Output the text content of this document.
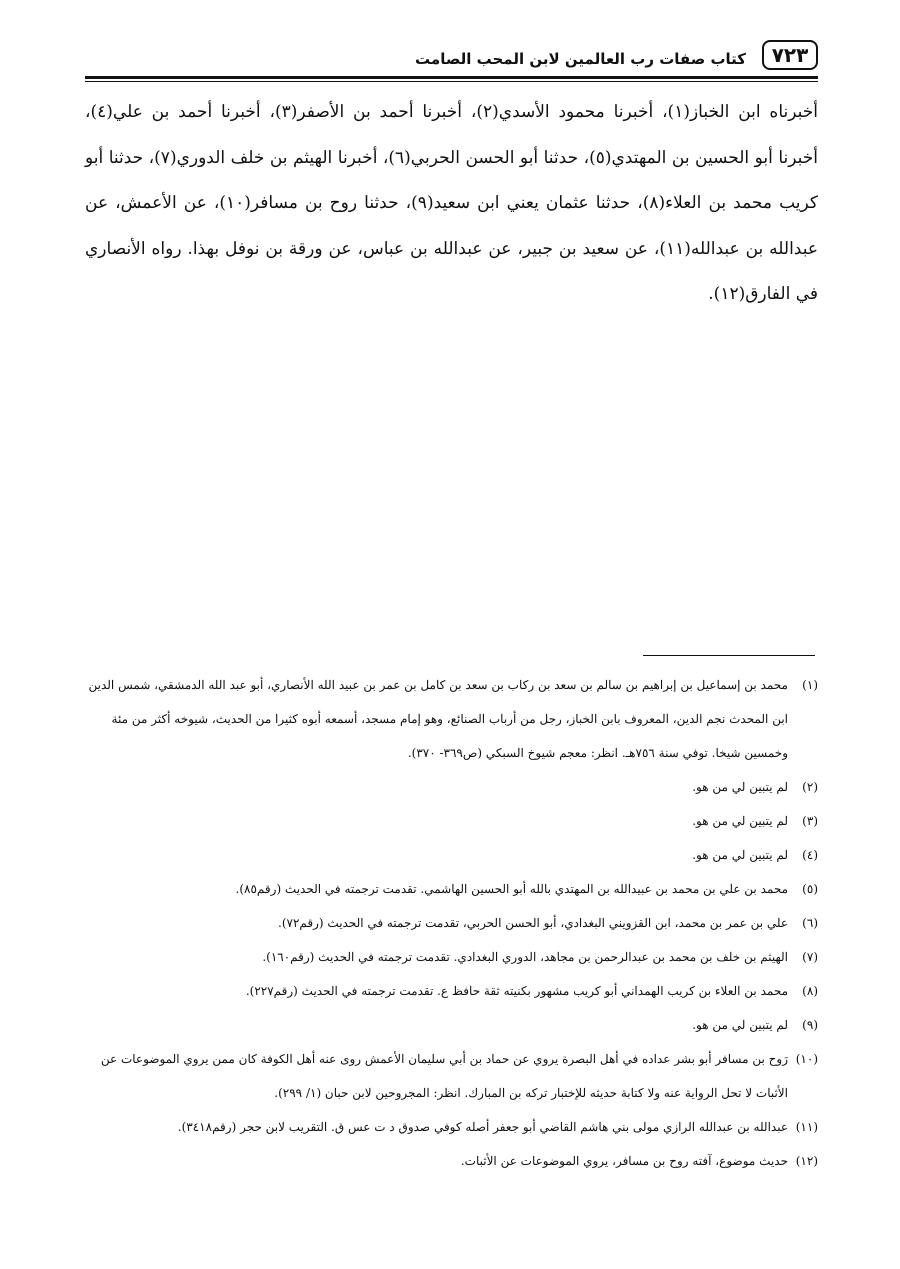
٧٢٣
كتاب صفات رب العالمين لابن المحب الصامت

أخبرناه ابن الخباز(١)، أخبرنا محمود الأسدي(٢)، أخبرنا أحمد بن الأصفر(٣)، أخبرنا أحمد بن علي(٤)، أخبرنا أبو الحسين بن المهتدي(٥)، حدثنا أبو الحسن الحربي(٦)، أخبرنا الهيثم بن خلف الدوري(٧)، حدثنا أبو كريب محمد بن العلاء(٨)، حدثنا عثمان يعني ابن سعيد(٩)، حدثنا روح بن مسافر(١٠)، عن الأعمش، عن عبدالله بن عبدالله(١١)، عن سعيد بن جبير، عن عبدالله بن عباس، عن ورقة بن نوفل بهذا. رواه الأنصاري في الفارق(١٢).

(١)محمد بن إسماعيل بن إبراهيم بن سالم بن سعد بن ركاب بن سعد بن كامل بن عمر بن عبيد الله الأنصاري، أبو عبد الله الدمشقي، شمس الدين ابن المحدث نجم الدين، المعروف بابن الخباز، رجل من أرباب الصنائع، وهو إمام مسجد، أسمعه أبوه كثيرا من الحديث، شيوخه أكثر من مئة وخمسين شيخا. توفي سنة ٧٥٦هـ. انظر: معجم شيوخ السبكي (ص٣٦٩- ٣٧٠).

(٢)لم يتبين لي من هو.

(٣)لم يتبين لي من هو.

(٤)لم يتبين لي من هو.

(٥)محمد بن علي بن محمد بن عبيدالله بن المهتدي بالله أبو الحسين الهاشمي. تقدمت ترجمته في الحديث (رقم٨٥).

(٦)علي بن عمر بن محمد، ابن القزويني البغدادي، أبو الحسن الحربي، تقدمت ترجمته في الحديث (رقم٧٢).

(٧)الهيثم بن خلف بن محمد بن عبدالرحمن بن مجاهد، الدوري البغدادي. تقدمت ترجمته في الحديث (رقم١٦٠).

(٨)محمد بن العلاء بن كريب الهمداني أبو كريب مشهور بكنيته ثقة حافظ ع. تقدمت ترجمته في الحديث (رقم٢٢٧).

(٩)لم يتبين لي من هو.

(١٠)رَوح بن مسافر أبو بشر عداده في أهل البصرة يروي عن حماد بن أبي سليمان الأعمش روى عنه أهل الكوفة كان ممن يروي الموضوعات عن الأثبات لا تحل الرواية عنه ولا كتابة حديثه للإختبار تركه بن المبارك. انظر: المجروحين لابن حبان (١/ ٢٩٩).

(١١)عبدالله بن عبدالله الرازي مولى بني هاشم القاضي أبو جعفر أصله كوفي صدوق د ت عس ق. التقريب لابن حجر (رقم٣٤١٨).

(١٢)حديث موضوع، آفته روح بن مسافر، يروي الموضوعات عن الأثبات.
